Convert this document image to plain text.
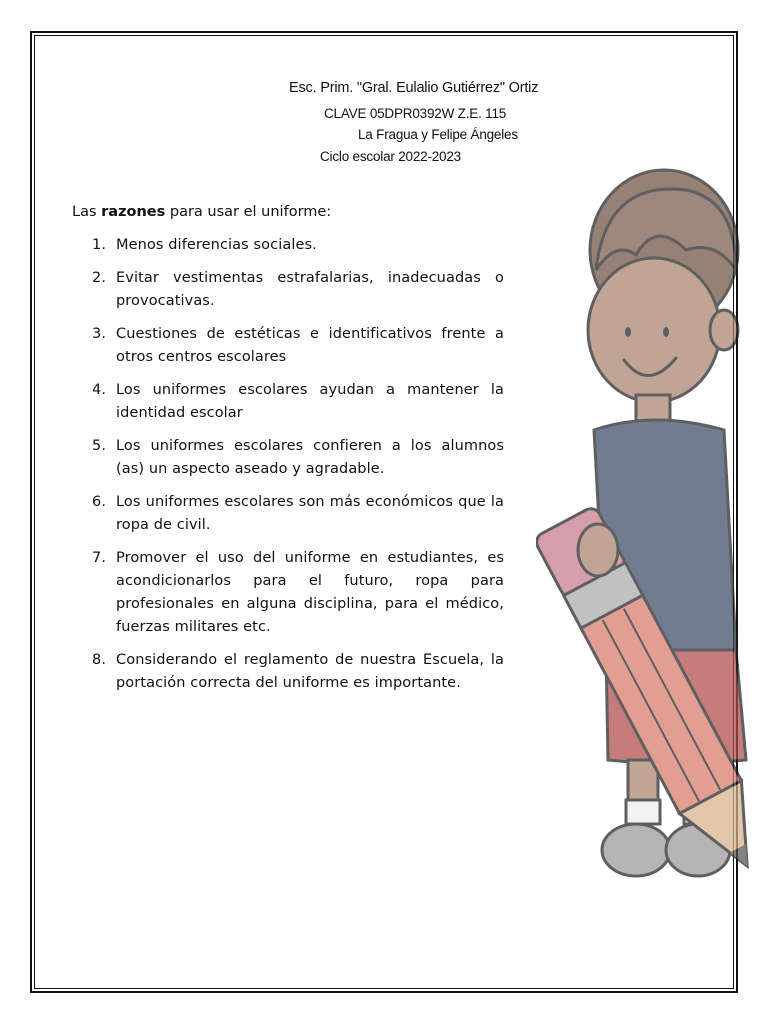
Esc. Prim. "Gral. Eulalio Gutiérrez" Ortiz
CLAVE 05DPR0392W Z.E. 115
La Fragua y Felipe Ángeles
Ciclo escolar 2022-2023
Las razones para usar el uniforme:
1. Menos diferencias sociales.
2. Evitar vestimentas estrafalarias, inadecuadas o provocativas.
3. Cuestiones de estéticas e identificativos frente a otros centros escolares
4. Los uniformes escolares ayudan a mantener la identidad escolar
5. Los uniformes escolares confieren a los alumnos (as) un aspecto aseado y agradable.
6. Los uniformes escolares son más económicos que la ropa de civil.
7. Promover el uso del uniforme en estudiantes, es acondicionarlos para el futuro, ropa para profesionales en alguna disciplina, para el médico, fuerzas militares etc.
8. Considerando el reglamento de nuestra Escuela, la portación correcta del uniforme es importante.
